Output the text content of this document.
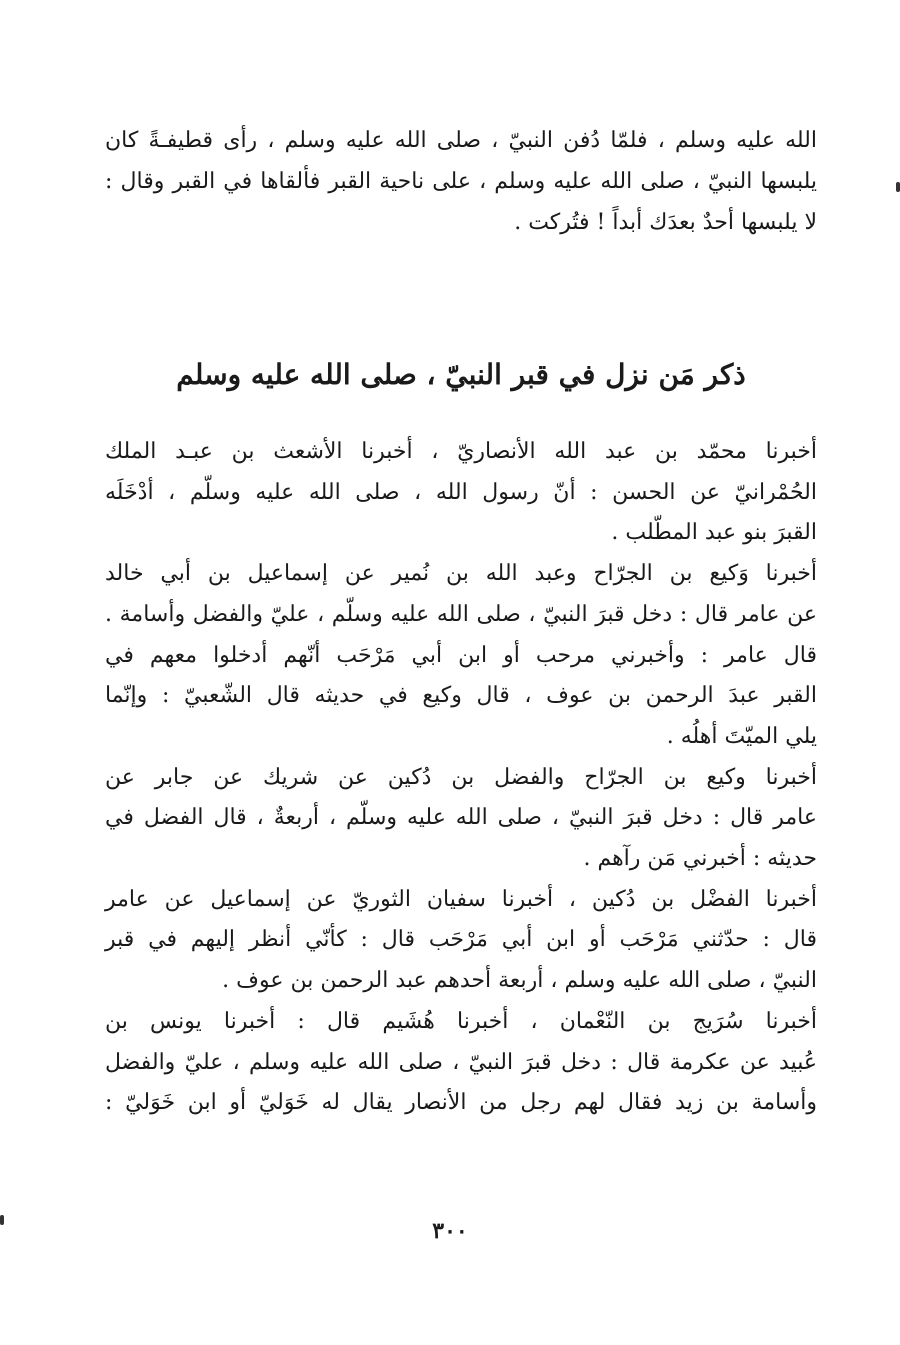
الله عليه وسلم ، فلمّا دُفن النبيّ ، صلى الله عليه وسلم ، رأى قطيفـةً كان
يلبسها النبيّ ، صلى الله عليه وسلم ، على ناحية القبر فألقاها في القبر وقال :
لا يلبسها أحدٌ بعدَك أبداً ! فتُركت .

ذكر مَن نزل في قبر النبيّ ، صلى الله عليه وسلم

أخبرنا محمّد بن عبد الله الأنصاريّ ، أخبرنا الأشعث بن عبـد الملك
الحُمْرانيّ عن الحسن : أنّ رسول الله ، صلى الله عليه وسلّم ، أدْخَلَه
القبرَ بنو عبد المطّلب .

أخبرنا وَكيع بن الجرّاح وعبد الله بن نُمير عن إسماعيل بن أبي خالد
عن عامر قال : دخل قبرَ النبيّ ، صلى الله عليه وسلّم ، عليّ والفضل وأسامة .
قال عامر : وأخبرني مرحب أو ابن أبي مَرْحَب أنّهم أدخلوا معهم في
القبر عبدَ الرحمن بن عوف ، قال وكيع في حديثه قال الشّعبيّ : وإنّما
يلي الميّتَ أهلُه .

أخبرنا وكيع بن الجرّاح والفضل بن دُكين عن شريك عن جابر عن
عامر قال : دخل قبرَ النبيّ ، صلى الله عليه وسلّم ، أربعةٌ ، قال الفضل في
حديثه : أخبرني مَن رآهم .

أخبرنا الفضْل بن دُكين ، أخبرنا سفيان الثوريّ عن إسماعيل عن عامر
قال : حدّثني مَرْحَب أو ابن أبي مَرْحَب قال : كأنّي أنظر إليهم في قبر
النبيّ ، صلى الله عليه وسلم ، أربعة أحدهم عبد الرحمن بن عوف .

أخبرنا سُرَيج بن النّعْمان ، أخبرنا هُشَيم قال : أخبرنا يونس بن
عُبيد عن عكرمة قال : دخل قبرَ النبيّ ، صلى الله عليه وسلم ، عليّ والفضل
وأسامة بن زيد فقال لهم رجل من الأنصار يقال له خَوَليّ أو ابن خَوَليّ :

٣٠٠
